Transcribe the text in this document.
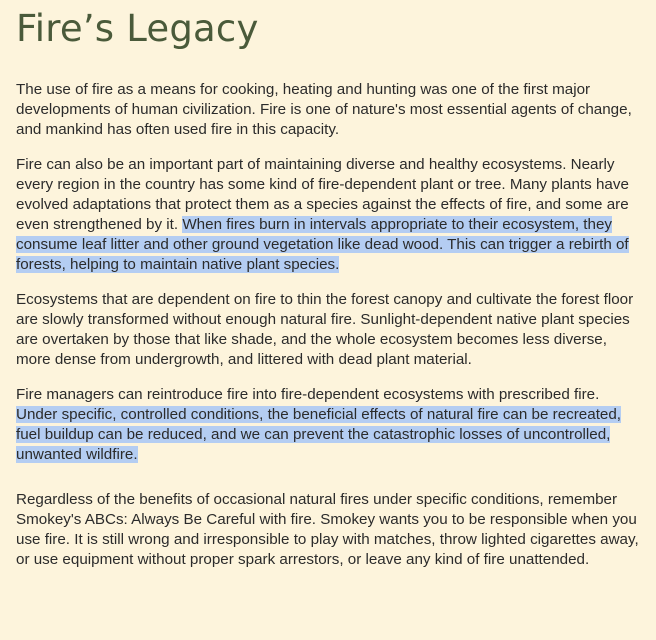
Fire’s Legacy

The use of fire as a means for cooking, heating and hunting was one of the first major developments of human civilization. Fire is one of nature's most essential agents of change, and mankind has often used fire in this capacity.

Fire can also be an important part of maintaining diverse and healthy ecosystems. Nearly every region in the country has some kind of fire-dependent plant or tree. Many plants have evolved adaptations that protect them as a species against the effects of fire, and some are even strengthened by it. When fires burn in intervals appropriate to their ecosystem, they consume leaf litter and other ground vegetation like dead wood. This can trigger a rebirth of forests, helping to maintain native plant species.

Ecosystems that are dependent on fire to thin the forest canopy and cultivate the forest floor are slowly transformed without enough natural fire. Sunlight-dependent native plant species are overtaken by those that like shade, and the whole ecosystem becomes less diverse, more dense from undergrowth, and littered with dead plant material.

Fire managers can reintroduce fire into fire-dependent ecosystems with prescribed fire. Under specific, controlled conditions, the beneficial effects of natural fire can be recreated, fuel buildup can be reduced, and we can prevent the catastrophic losses of uncontrolled, unwanted wildfire.

Regardless of the benefits of occasional natural fires under specific conditions, remember Smokey's ABCs: Always Be Careful with fire. Smokey wants you to be responsible when you use fire. It is still wrong and irresponsible to play with matches, throw lighted cigarettes away, or use equipment without proper spark arrestors, or leave any kind of fire unattended.
